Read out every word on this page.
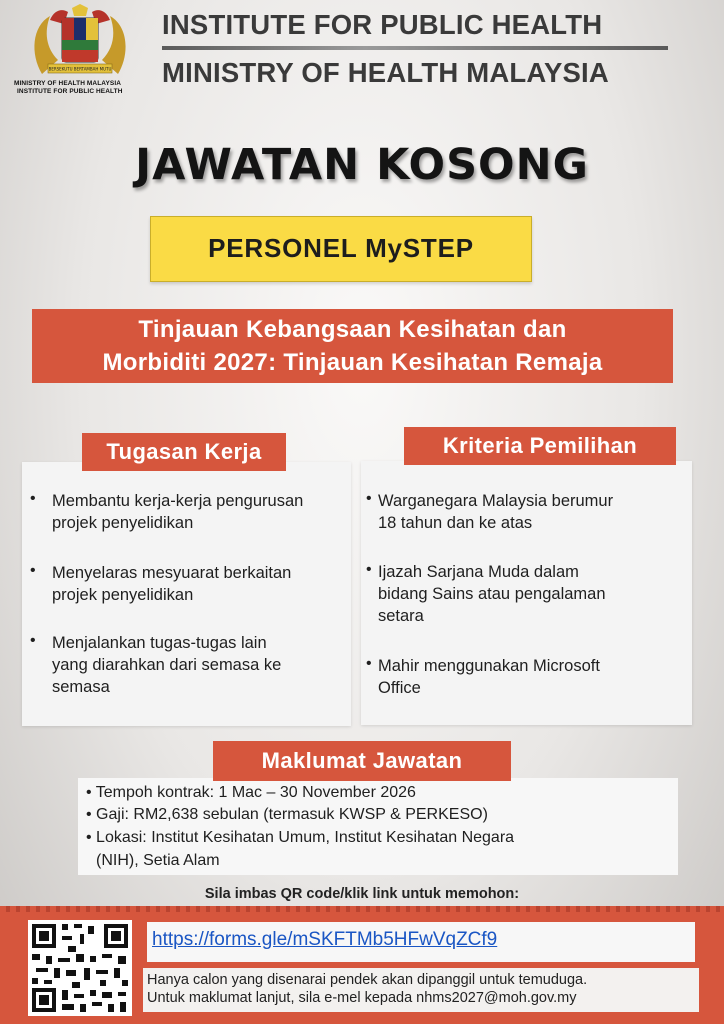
BERSEKUTU BERTAMBAH MUTU
MINISTRY OF HEALTH MALAYSIA
INSTITUTE FOR PUBLIC HEALTH
INSTITUTE FOR PUBLIC HEALTH
MINISTRY OF HEALTH MALAYSIA
JAWATAN KOSONG
PERSONEL MySTEP
Tinjauan Kebangsaan Kesihatan dan
Morbiditi 2027: Tinjauan Kesihatan Remaja
Tugasan Kerja
• Membantu kerja-kerja pengurusan
projek penyelidikan
• Menyelaras mesyuarat berkaitan
projek penyelidikan
• Menjalankan tugas-tugas lain
yang diarahkan dari semasa ke
semasa
Kriteria Pemilihan
• Warganegara Malaysia berumur
18 tahun dan ke atas
• Ijazah Sarjana Muda dalam
bidang Sains atau pengalaman
setara
• Mahir menggunakan Microsoft
Office
Maklumat Jawatan
• Tempoh kontrak: 1 Mac – 30 November 2026
• Gaji: RM2,638 sebulan (termasuk KWSP & PERKESO)
• Lokasi: Institut Kesihatan Umum, Institut Kesihatan Negara
(NIH), Setia Alam
Sila imbas QR code/klik link untuk memohon:
https://forms.gle/mSKFTMb5HFwVqZCf9
Hanya calon yang disenarai pendek akan dipanggil untuk temuduga.
Untuk maklumat lanjut, sila e-mel kepada nhms2027@moh.gov.my
